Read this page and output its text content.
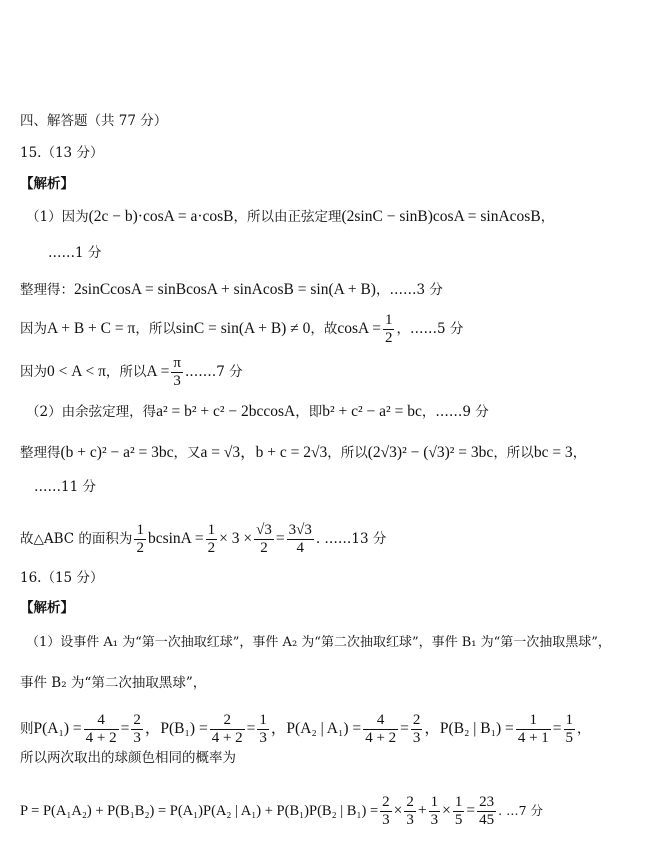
四、解答题（共 77 分）
15.（13 分）
【解析】
（1）因为(2c − b)·cosA = a·cosB，所以由正弦定理(2sinC − sinB)cosA = sinAcosB，
……1 分
整理得：2sinCcosA = sinBcosA + sinAcosB = sin(A + B)，……3 分
因为A + B + C = π，所以sinC = sin(A + B) ≠ 0，故$\cos A = \frac{1}{2}$ ，……5 分
因为0 < A < π，所以$A = \frac{\pi}{3}$ .……7 分
（2）由余弦定理，得a² = b² + c² − 2bccosA，即b² + c² − a² = bc，……9 分
整理得(b + c)² − a² = 3bc，又a = √3，b + c = 2√3，所以(2√3)² − (√3)² = 3bc，所以bc = 3，
……11 分
故△ABC 的面积为 $\frac{1}{2}$ $bcsinA = \frac{1}{2} \times 3 \times \frac{√3}{2} = \frac{3√3}{4}$ . ……13 分
16.（15 分）
【解析】
（1）设事件 A₁ 为“第一次抽取红球”，事件 A₂ 为“第二次抽取红球”，事件 B₁ 为“第一次抽取黑球”，
事件 B₂ 为“第二次抽取黑球”，
则$P(A_1) = \frac{4}{4 + 2} = \frac{2}{3}$ ，$P(B_1) = \frac{2}{4 + 2} = \frac{1}{3}$ ，P(A₂ | $A_1) = \frac{4}{4 + 2} = \frac{2}{3}$ ，P(B₂ | $B_1) = \frac{1}{4 + 1} = \frac{1}{5}$ ，
所以两次取出的球颜色相同的概率为
P = P(A₁A₂) + P(B₁B₂) = P(A₁)P(A₂ | A₁) + P(B₁)P(B₂ | $B_1) = \frac{2}{3} \times \frac{2}{3} + \frac{1}{3} \times \frac{1}{5} = \frac{23}{45}$ . …7 分
